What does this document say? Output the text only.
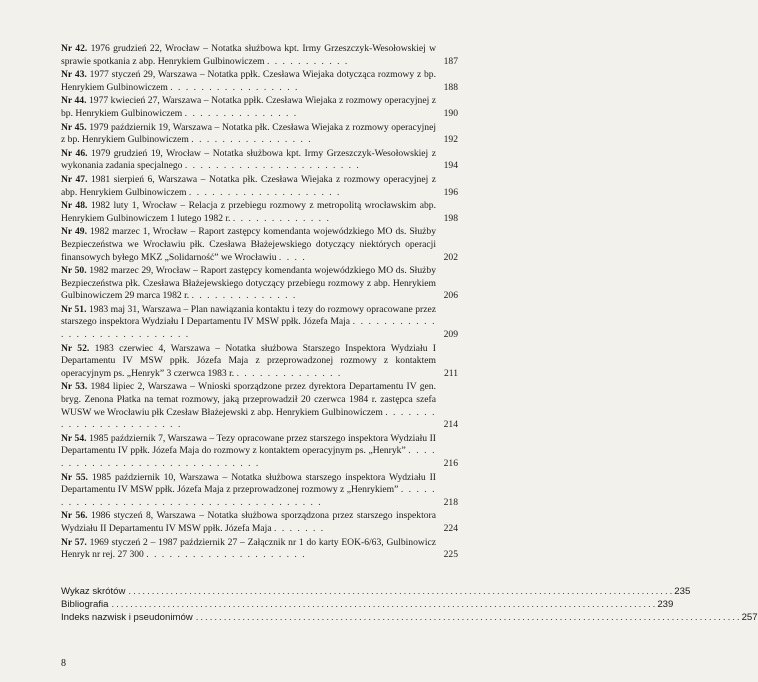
Nr 42. 1976 grudzień 22, Wrocław – Notatka służbowa kpt. Irmy Grzeszczyk-Wesołowskiej w sprawie spotkania z abp. Henrykiem Gulbinowiczem . . . . . . . . . . .	187
Nr 43. 1977 styczeń 29, Warszawa – Notatka ppłk. Czesława Wiejaka dotycząca rozmowy z bp. Henrykiem Gulbinowiczem . . . . . . . . . . . . . . . . .	188
Nr 44. 1977 kwiecień 27, Warszawa – Notatka ppłk. Czesława Wiejaka z rozmowy operacyjnej z bp. Henrykiem Gulbinowiczem . . . . . . . . . . . . . . .	190
Nr 45. 1979 październik 19, Warszawa – Notatka płk. Czesława Wiejaka z rozmowy operacyjnej z bp. Henrykiem Gulbinowiczem . . . . . . . . . . . . . . . .	192
Nr 46. 1979 grudzień 19, Wrocław – Notatka służbowa kpt. Irmy Grzeszczyk-Wesołowskiej z wykonania zadania specjalnego . . . . . . . . . . . . . . . . . . . . . . .	194
Nr 47. 1981 sierpień 6, Warszawa – Notatka płk. Czesława Wiejaka z rozmowy operacyjnej z abp. Henrykiem Gulbinowiczem . . . . . . . . . . . . . . . . . . . .	196
Nr 48. 1982 luty 1, Wrocław – Relacja z przebiegu rozmowy z metropolitą wrocławskim abp. Henrykiem Gulbinowiczem 1 lutego 1982 r. . . . . . . . . . . . . .	198
Nr 49. 1982 marzec 1, Wrocław – Raport zastępcy komendanta wojewódzkiego MO ds. Służby Bezpieczeństwa we Wrocławiu płk. Czesława Błażejewskiego dotyczący niektórych operacji finansowych byłego MKZ „Solidarność” we Wrocławiu . . . .	202
Nr 50. 1982 marzec 29, Wrocław – Raport zastępcy komendanta wojewódzkiego MO ds. Służby Bezpieczeństwa płk. Czesława Błażejewskiego dotyczący przebiegu rozmowy z abp. Henrykiem Gulbinowiczem 29 marca 1982 r. . . . . . . . . . . . . . .	206
Nr 51. 1983 maj 31, Warszawa – Plan nawiązania kontaktu i tezy do rozmowy opracowane przez starszego inspektora Wydziału I Departamentu IV MSW ppłk. Józefa Maja . . . . . . . . . . . . . . . . . . . . . . . . . . . .	209
Nr 52. 1983 czerwiec 4, Warszawa – Notatka służbowa Starszego Inspektora Wydziału I Departamentu IV MSW ppłk. Józefa Maja z przeprowadzonej rozmowy z kontaktem operacyjnym ps. „Henryk” 3 czerwca 1983 r. . . . . . . . . . . . . . .	211
Nr 53. 1984 lipiec 2, Warszawa – Wnioski sporządzone przez dyrektora Departamentu IV gen. bryg. Zenona Płatka na temat rozmowy, jaką przeprowadził 20 czerwca 1984 r. zastępca szefa WUSW we Wrocławiu płk Czesław Błażejewski z abp. Henrykiem Gulbinowiczem . . . . . . . . . . . . . . . . . . . . . . .	214
Nr 54. 1985 październik 7, Warszawa – Tezy opracowane przez starszego inspektora Wydziału II Departamentu IV ppłk. Józefa Maja do rozmowy z kontaktem operacyjnym ps. „Henryk” . . . . . . . . . . . . . . . . . . . . . . . . . . . . . .	216
Nr 55. 1985 październik 10, Warszawa – Notatka służbowa starszego inspektora Wydziału II Departamentu IV MSW ppłk. Józefa Maja z przeprowadzonej rozmowy z „Henrykiem” . . . . . . . . . . . . . . . . . . . . . . . . . . . . . . . . . . . . . . .	218
Nr 56. 1986 styczeń 8, Warszawa – Notatka służbowa sporządzona przez starszego inspektora Wydziału II Departamentu IV MSW ppłk. Józefa Maja . . . . . . .	224
Nr 57. 1969 styczeń 2 – 1987 październik 27 – Załącznik nr 1 do karty EOK-6/63, Gulbinowicz Henryk nr rej. 27 300 . . . . . . . . . . . . . . . . . . . . .	225
Wykaz skrótów ..................................................................................................................... 235
Bibliografia ..................................................................................................................... 239
Indeks nazwisk i pseudonimów ..................................................................................................................... 257
8
